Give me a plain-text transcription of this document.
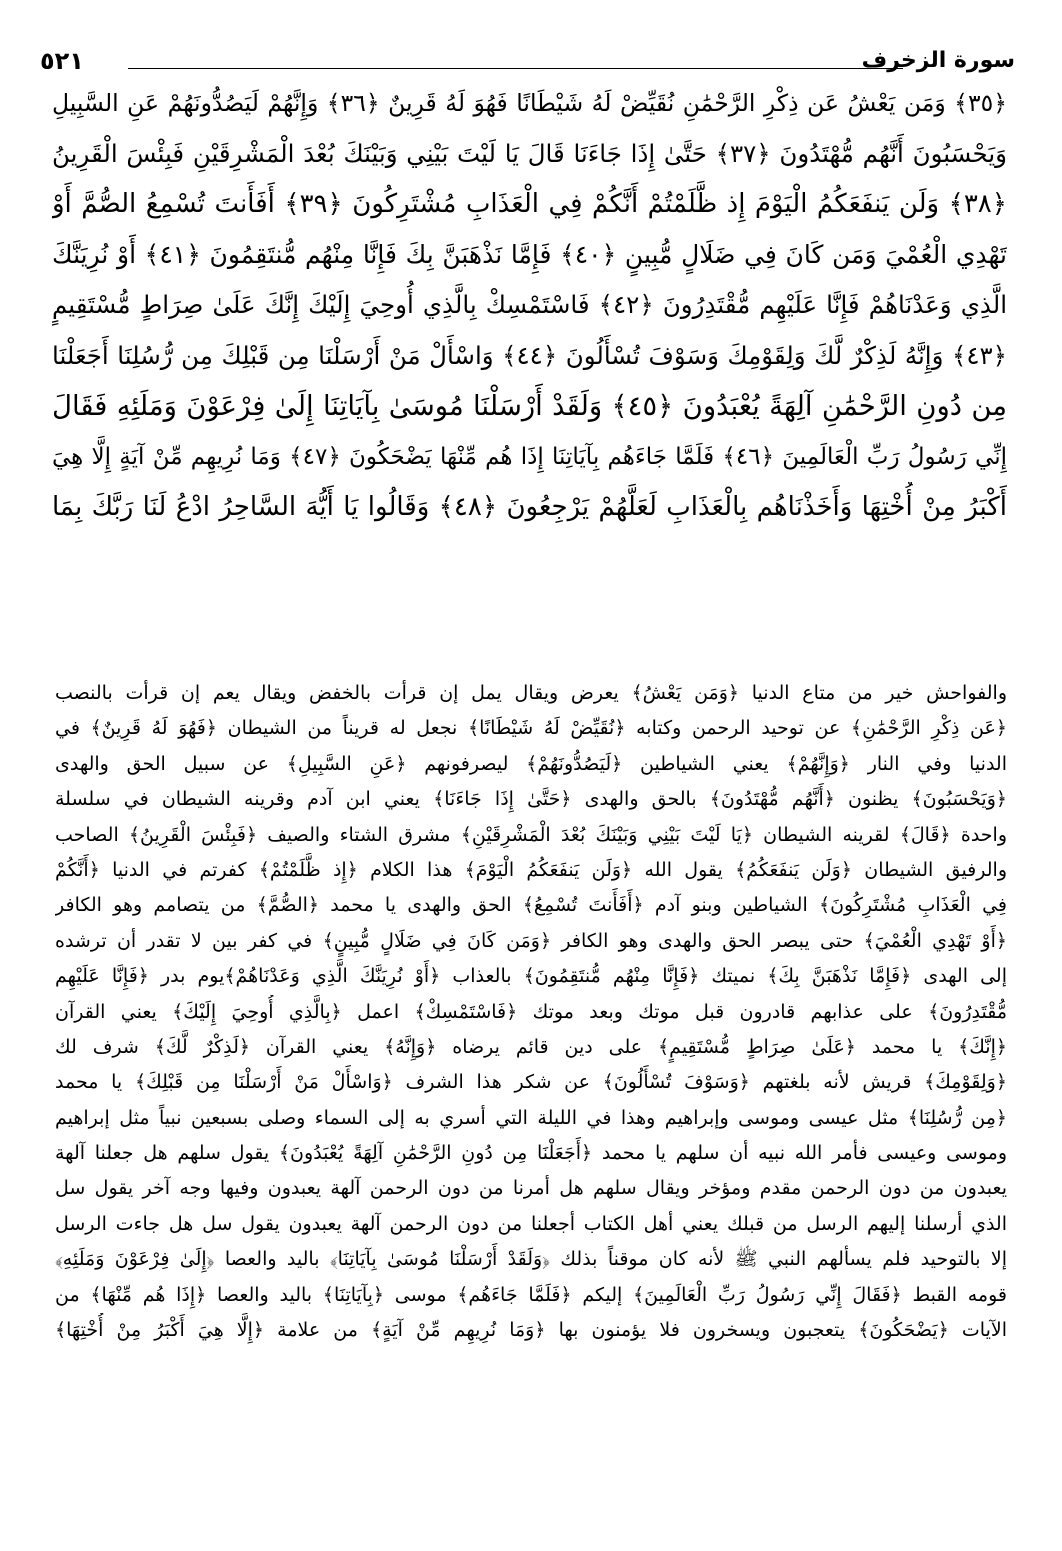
سورة الزخرف
٥٢١
﴿٣٥﴾ وَمَن يَعْشُ عَن ذِكْرِ الرَّحْمَٰنِ نُقَيِّضْ لَهُ شَيْطَانًا فَهُوَ لَهُ قَرِينٌ ﴿٣٦﴾ وَإِنَّهُمْ لَيَصُدُّونَهُمْ عَنِ السَّبِيلِ
وَيَحْسَبُونَ أَنَّهُم مُّهْتَدُونَ ﴿٣٧﴾ حَتَّىٰ إِذَا جَاءَنَا قَالَ يَا لَيْتَ بَيْنِي وَبَيْنَكَ بُعْدَ الْمَشْرِقَيْنِ فَبِئْسَ الْقَرِينُ
﴿٣٨﴾ وَلَن يَنفَعَكُمُ الْيَوْمَ إِذ ظَّلَمْتُمْ أَنَّكُمْ فِي الْعَذَابِ مُشْتَرِكُونَ ﴿٣٩﴾ أَفَأَنتَ تُسْمِعُ الصُّمَّ أَوْ
تَهْدِي الْعُمْيَ وَمَن كَانَ فِي ضَلَالٍ مُّبِينٍ ﴿٤٠﴾ فَإِمَّا نَذْهَبَنَّ بِكَ فَإِنَّا مِنْهُم مُّنتَقِمُونَ ﴿٤١﴾ أَوْ نُرِيَنَّكَ
الَّذِي وَعَدْنَاهُمْ فَإِنَّا عَلَيْهِم مُّقْتَدِرُونَ ﴿٤٢﴾ فَاسْتَمْسِكْ بِالَّذِي أُوحِيَ إِلَيْكَ إِنَّكَ عَلَىٰ صِرَاطٍ مُّسْتَقِيمٍ
﴿٤٣﴾ وَإِنَّهُ لَذِكْرٌ لَّكَ وَلِقَوْمِكَ وَسَوْفَ تُسْأَلُونَ ﴿٤٤﴾ وَاسْأَلْ مَنْ أَرْسَلْنَا مِن قَبْلِكَ مِن رُّسُلِنَا أَجَعَلْنَا
مِن دُونِ الرَّحْمَٰنِ آلِهَةً يُعْبَدُونَ ﴿٤٥﴾ وَلَقَدْ أَرْسَلْنَا مُوسَىٰ بِآيَاتِنَا إِلَىٰ فِرْعَوْنَ وَمَلَئِهِ فَقَالَ
إِنِّي رَسُولُ رَبِّ الْعَالَمِينَ ﴿٤٦﴾ فَلَمَّا جَاءَهُم بِآيَاتِنَا إِذَا هُم مِّنْهَا يَضْحَكُونَ ﴿٤٧﴾ وَمَا نُرِيهِم مِّنْ آيَةٍ إِلَّا هِيَ
أَكْبَرُ مِنْ أُخْتِهَا وَأَخَذْنَاهُم بِالْعَذَابِ لَعَلَّهُمْ يَرْجِعُونَ ﴿٤٨﴾ وَقَالُوا يَا أَيُّهَ السَّاحِرُ ادْعُ لَنَا رَبَّكَ بِمَا
والفواحش خير من متاع الدنيا ﴿وَمَن يَعْشُ﴾ يعرض ويقال يمل إن قرأت بالخفض ويقال يعم إن قرأت بالنصب
﴿عَن ذِكْرِ الرَّحْمَٰنِ﴾ عن توحيد الرحمن وكتابه ﴿نُقَيِّضْ لَهُ شَيْطَانًا﴾ نجعل له قريناً من الشيطان ﴿فَهُوَ لَهُ قَرِينٌ﴾ في
الدنيا وفي النار ﴿وَإِنَّهُمْ﴾ يعني الشياطين ﴿لَيَصُدُّونَهُمْ﴾ ليصرفونهم ﴿عَنِ السَّبِيلِ﴾ عن سبيل الحق والهدى
﴿وَيَحْسَبُونَ﴾ يظنون ﴿أَنَّهُم مُّهْتَدُونَ﴾ بالحق والهدى ﴿حَتَّىٰ إِذَا جَاءَنَا﴾ يعني ابن آدم وقرينه الشيطان في سلسلة
واحدة ﴿قَالَ﴾ لقرينه الشيطان ﴿يَا لَيْتَ بَيْنِي وَبَيْنَكَ بُعْدَ الْمَشْرِقَيْنِ﴾ مشرق الشتاء والصيف ﴿فَبِئْسَ الْقَرِينُ﴾ الصاحب
والرفيق الشيطان ﴿وَلَن يَنفَعَكُمُ﴾ يقول الله ﴿وَلَن يَنفَعَكُمُ الْيَوْمَ﴾ هذا الكلام ﴿إِذ ظَّلَمْتُمْ﴾ كفرتم في الدنيا ﴿أَنَّكُمْ
فِي الْعَذَابِ مُشْتَرِكُونَ﴾ الشياطين وبنو آدم ﴿أَفَأَنتَ تُسْمِعُ﴾ الحق والهدى يا محمد ﴿الصُّمَّ﴾ من يتصامم وهو الكافر
﴿أَوْ تَهْدِي الْعُمْيَ﴾ حتى يبصر الحق والهدى وهو الكافر ﴿وَمَن كَانَ فِي ضَلَالٍ مُّبِينٍ﴾ في كفر بين لا تقدر أن ترشده
إلى الهدى ﴿فَإِمَّا نَذْهَبَنَّ بِكَ﴾ نميتك ﴿فَإِنَّا مِنْهُم مُّنتَقِمُونَ﴾ بالعذاب ﴿أَوْ نُرِيَنَّكَ الَّذِي وَعَدْنَاهُمْ﴾يوم بدر ﴿فَإِنَّا عَلَيْهِم
مُّقْتَدِرُونَ﴾ على عذابهم قادرون قبل موتك وبعد موتك ﴿فَاسْتَمْسِكْ﴾ اعمل ﴿بِالَّذِي أُوحِيَ إِلَيْكَ﴾ يعني القرآن
﴿إِنَّكَ﴾ يا محمد ﴿عَلَىٰ صِرَاطٍ مُّسْتَقِيمٍ﴾ على دين قائم يرضاه ﴿وَإِنَّهُ﴾ يعني القرآن ﴿لَذِكْرٌ لَّكَ﴾ شرف لك
﴿وَلِقَوْمِكَ﴾ قريش لأنه بلغتهم ﴿وَسَوْفَ تُسْأَلُونَ﴾ عن شكر هذا الشرف ﴿وَاسْأَلْ مَنْ أَرْسَلْنَا مِن قَبْلِكَ﴾ يا محمد
﴿مِن رُّسُلِنَا﴾ مثل عيسى وموسى وإبراهيم وهذا في الليلة التي أسري به إلى السماء وصلى بسبعين نبياً مثل إبراهيم
وموسى وعيسى فأمر الله نبيه أن سلهم يا محمد ﴿أَجَعَلْنَا مِن دُونِ الرَّحْمَٰنِ آلِهَةً يُعْبَدُونَ﴾ يقول سلهم هل جعلنا آلهة
يعبدون من دون الرحمن مقدم ومؤخر ويقال سلهم هل أمرنا من دون الرحمن آلهة يعبدون وفيها وجه آخر يقول سل
الذي أرسلنا إليهم الرسل من قبلك يعني أهل الكتاب أجعلنا من دون الرحمن آلهة يعبدون يقول سل هل جاءت الرسل
إلا بالتوحيد فلم يسألهم النبي ﷺ لأنه كان موقناً بذلك ﴿وَلَقَدْ أَرْسَلْنَا مُوسَىٰ بِآيَاتِنَا﴾ باليد والعصا ﴿إِلَىٰ فِرْعَوْنَ وَمَلَئِهِ﴾
قومه القبط ﴿فَقَالَ إِنِّي رَسُولُ رَبِّ الْعَالَمِينَ﴾ إليكم ﴿فَلَمَّا جَاءَهُم﴾ موسى ﴿بِآيَاتِنَا﴾ باليد والعصا ﴿إِذَا هُم مِّنْهَا﴾ من
الآيات ﴿يَضْحَكُونَ﴾ يتعجبون ويسخرون فلا يؤمنون بها ﴿وَمَا نُرِيهِم مِّنْ آيَةٍ﴾ من علامة ﴿إِلَّا هِيَ أَكْبَرُ مِنْ أُخْتِهَا﴾
